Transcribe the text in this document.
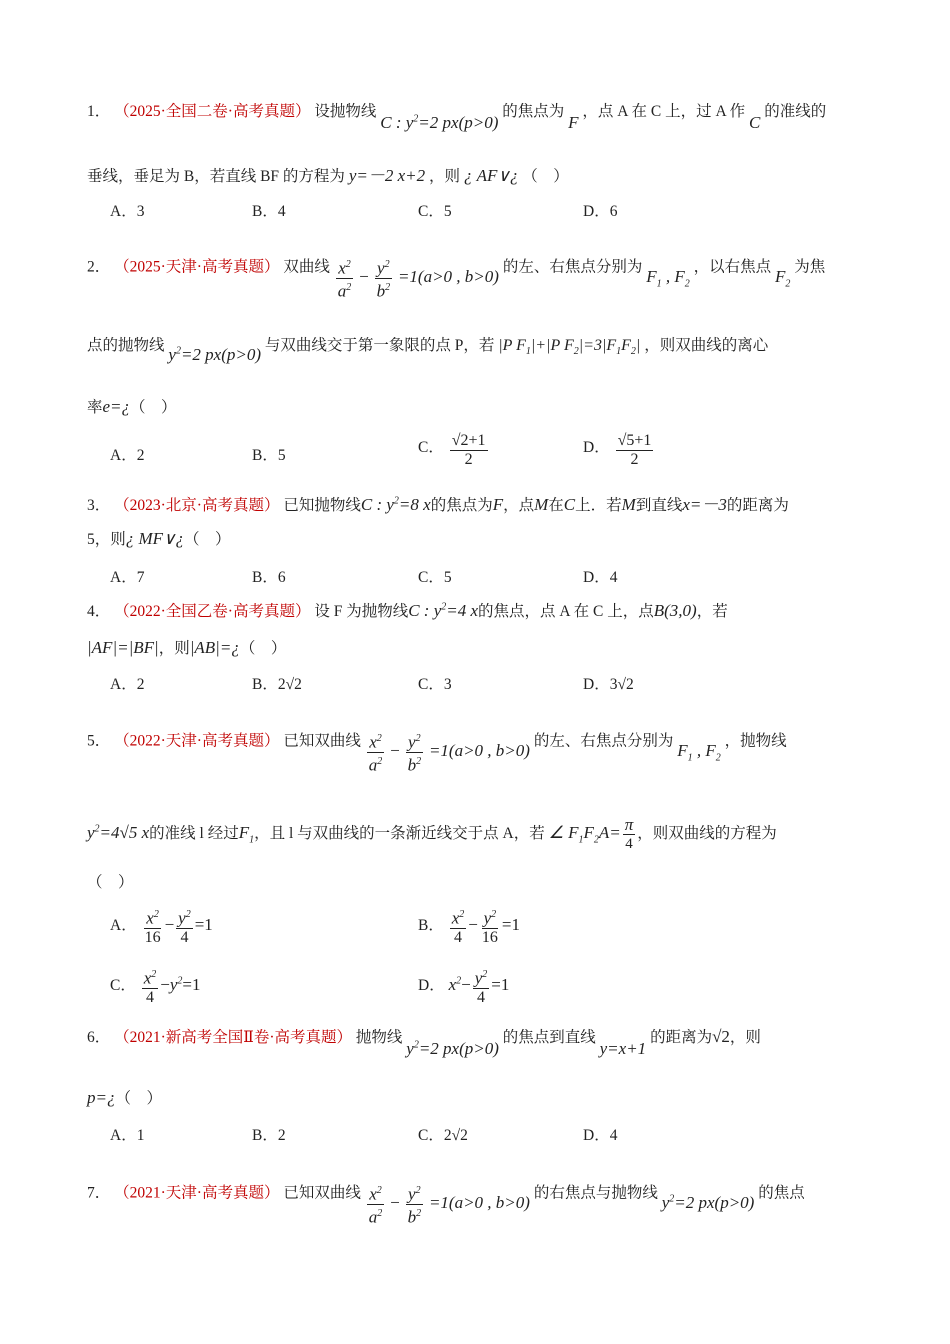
1． （2025·全国二卷·高考真题） 设抛物线 C : $y^2=2$ px(p>0) 的焦点为 F ，点 A 在 C 上，过 A 作 C 的准线的
垂线，垂足为 B，若直线 BF 的方程为 y=－2 x+2 ，则 ¿ AF∨¿ （　）
A．3	B．4	C．5	D．6
2． （2025·天津·高考真题） 双曲线 $\frac{x^2}{a^2} - \frac{y^2}{b^2} =1(a>0$ , b>0) 的左、右焦点分别为 $F_1$ , $F_2$ ，以右焦点 $F_2$ 为焦
点的抛物线 $y^2=2$ px(p>0) 与双曲线交于第一象限的点 P，若 |P $F_1|+|P$ $F_2|=3|F_1F_2|$ ，则双曲线的离心
率e=¿（　）
A．2	B．5	C． $\frac{√2+1}{2}$	D． $\frac{√5+1}{2}$
3． （2023·北京·高考真题） 已知抛物线C : $y^2=8$ x的焦点为F，点M在C上．若M到直线x=－3的距离为
5，则¿ MF∨¿（　）
A．7	B．6	C．5	D．4
4． （2022·全国乙卷·高考真题） 设 F 为抛物线C : $y^2=4$ x的焦点，点 A 在 C 上，点B(3,0)，若
|AF|=|BF|，则|AB|=¿（　）
A．2	B．2√2	C．3	D．3√2
5． （2022·天津·高考真题） 已知双曲线 $\frac{x^2}{a^2} - \frac{y^2}{b^2} =1(a>0$ , b>0) 的左、右焦点分别为 $F_1$ , $F_2$ ，抛物线
$y^2=4√5$ x的准线 l 经过$F_1$，且 l 与双曲线的一条渐近线交于点 A，若 ∠ $F_1F_2A= \frac{\pi}{4}$ ，则双曲线的方程为
（　）
A． $\frac{x^2}{16} - \frac{y^2}{4} =1$	B． $\frac{x^2}{4} - \frac{y^2}{16} =1$
C． $\frac{x^2}{4} -y^2=1$	D． $x^2- \frac{y^2}{4} =1$
6． （2021·新高考全国Ⅱ卷·高考真题） 抛物线 $y^2=2$ px(p>0) 的焦点到直线 y=x+1 的距离为√2，则
p=¿（　）
A．1	B．2	C．2√2	D．4
7． （2021·天津·高考真题） 已知双曲线 $\frac{x^2}{a^2} - \frac{y^2}{b^2} =1(a>0$ , b>0) 的右焦点与抛物线 $y^2=2$ px(p>0) 的焦点
